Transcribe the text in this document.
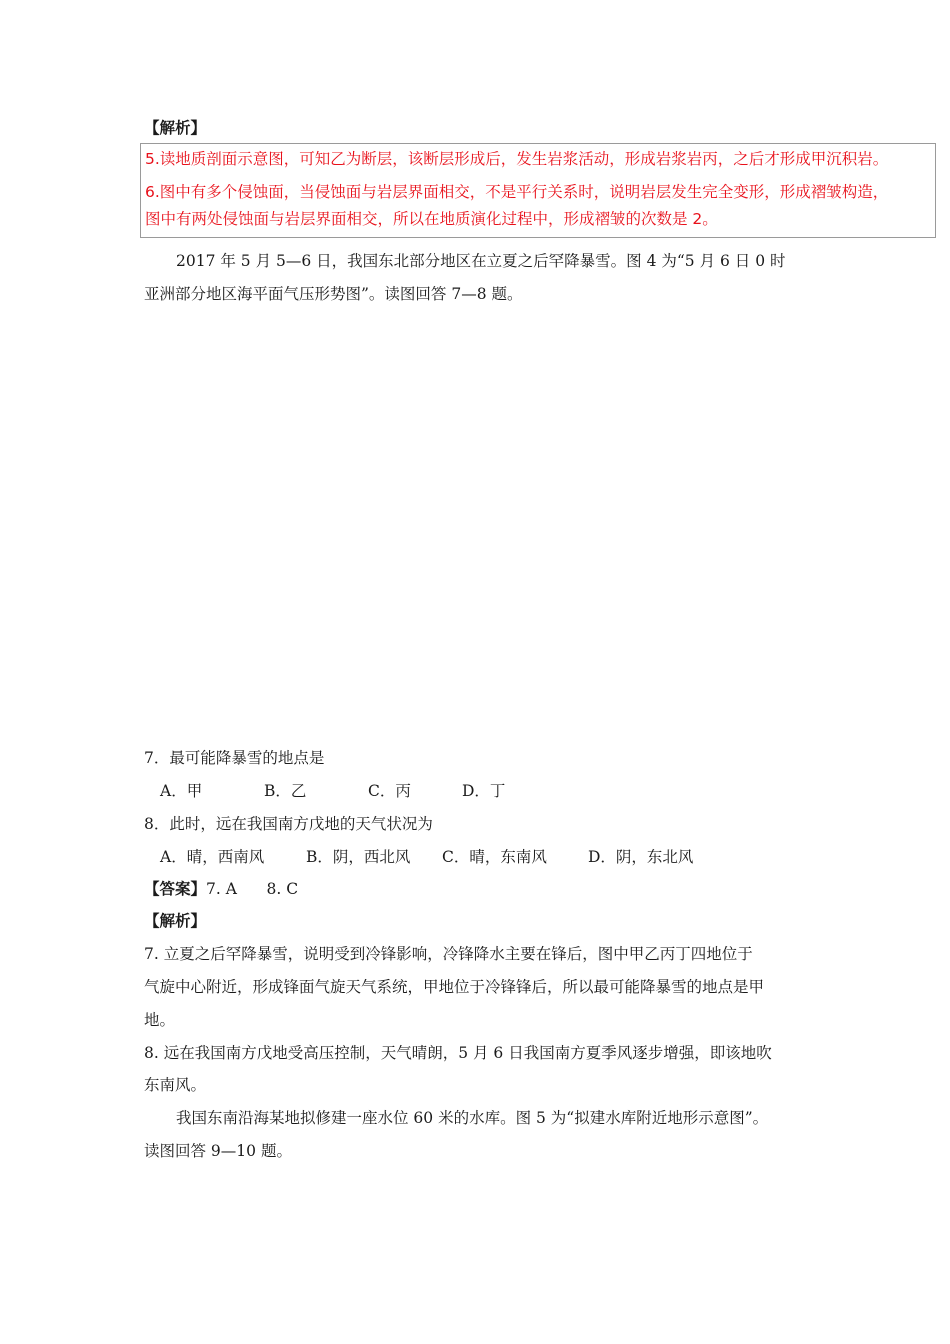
【解析】
5.读地质剖面示意图，可知乙为断层，该断层形成后，发生岩浆活动，形成岩浆岩丙，之后才形成甲沉积岩。
6.图中有多个侵蚀面，当侵蚀面与岩层界面相交，不是平行关系时，说明岩层发生完全变形，形成褶皱构造，
图中有两处侵蚀面与岩层界面相交，所以在地质演化过程中，形成褶皱的次数是 2。
2017 年 5 月 5—6 日，我国东北部分地区在立夏之后罕降暴雪。图 4 为“5 月 6 日 0 时
亚洲部分地区海平面气压形势图”。读图回答 7—8 题。
7．最可能降暴雪的地点是
A．甲	B．乙	C．丙	D．丁
8．此时，远在我国南方戊地的天气状况为
A．晴，西南风	B．阴，西北风 C．晴，东南风	D．阴，东北风
【答案】7. A      8. C
【解析】
7. 立夏之后罕降暴雪，说明受到冷锋影响，冷锋降水主要在锋后，图中甲乙丙丁四地位于
气旋中心附近，形成锋面气旋天气系统，甲地位于冷锋锋后，所以最可能降暴雪的地点是甲
地。
8. 远在我国南方戊地受高压控制，天气晴朗，5 月 6 日我国南方夏季风逐步增强，即该地吹
东南风。
我国东南沿海某地拟修建一座水位 60 米的水库。图 5 为“拟建水库附近地形示意图”。
读图回答 9—10 题。
